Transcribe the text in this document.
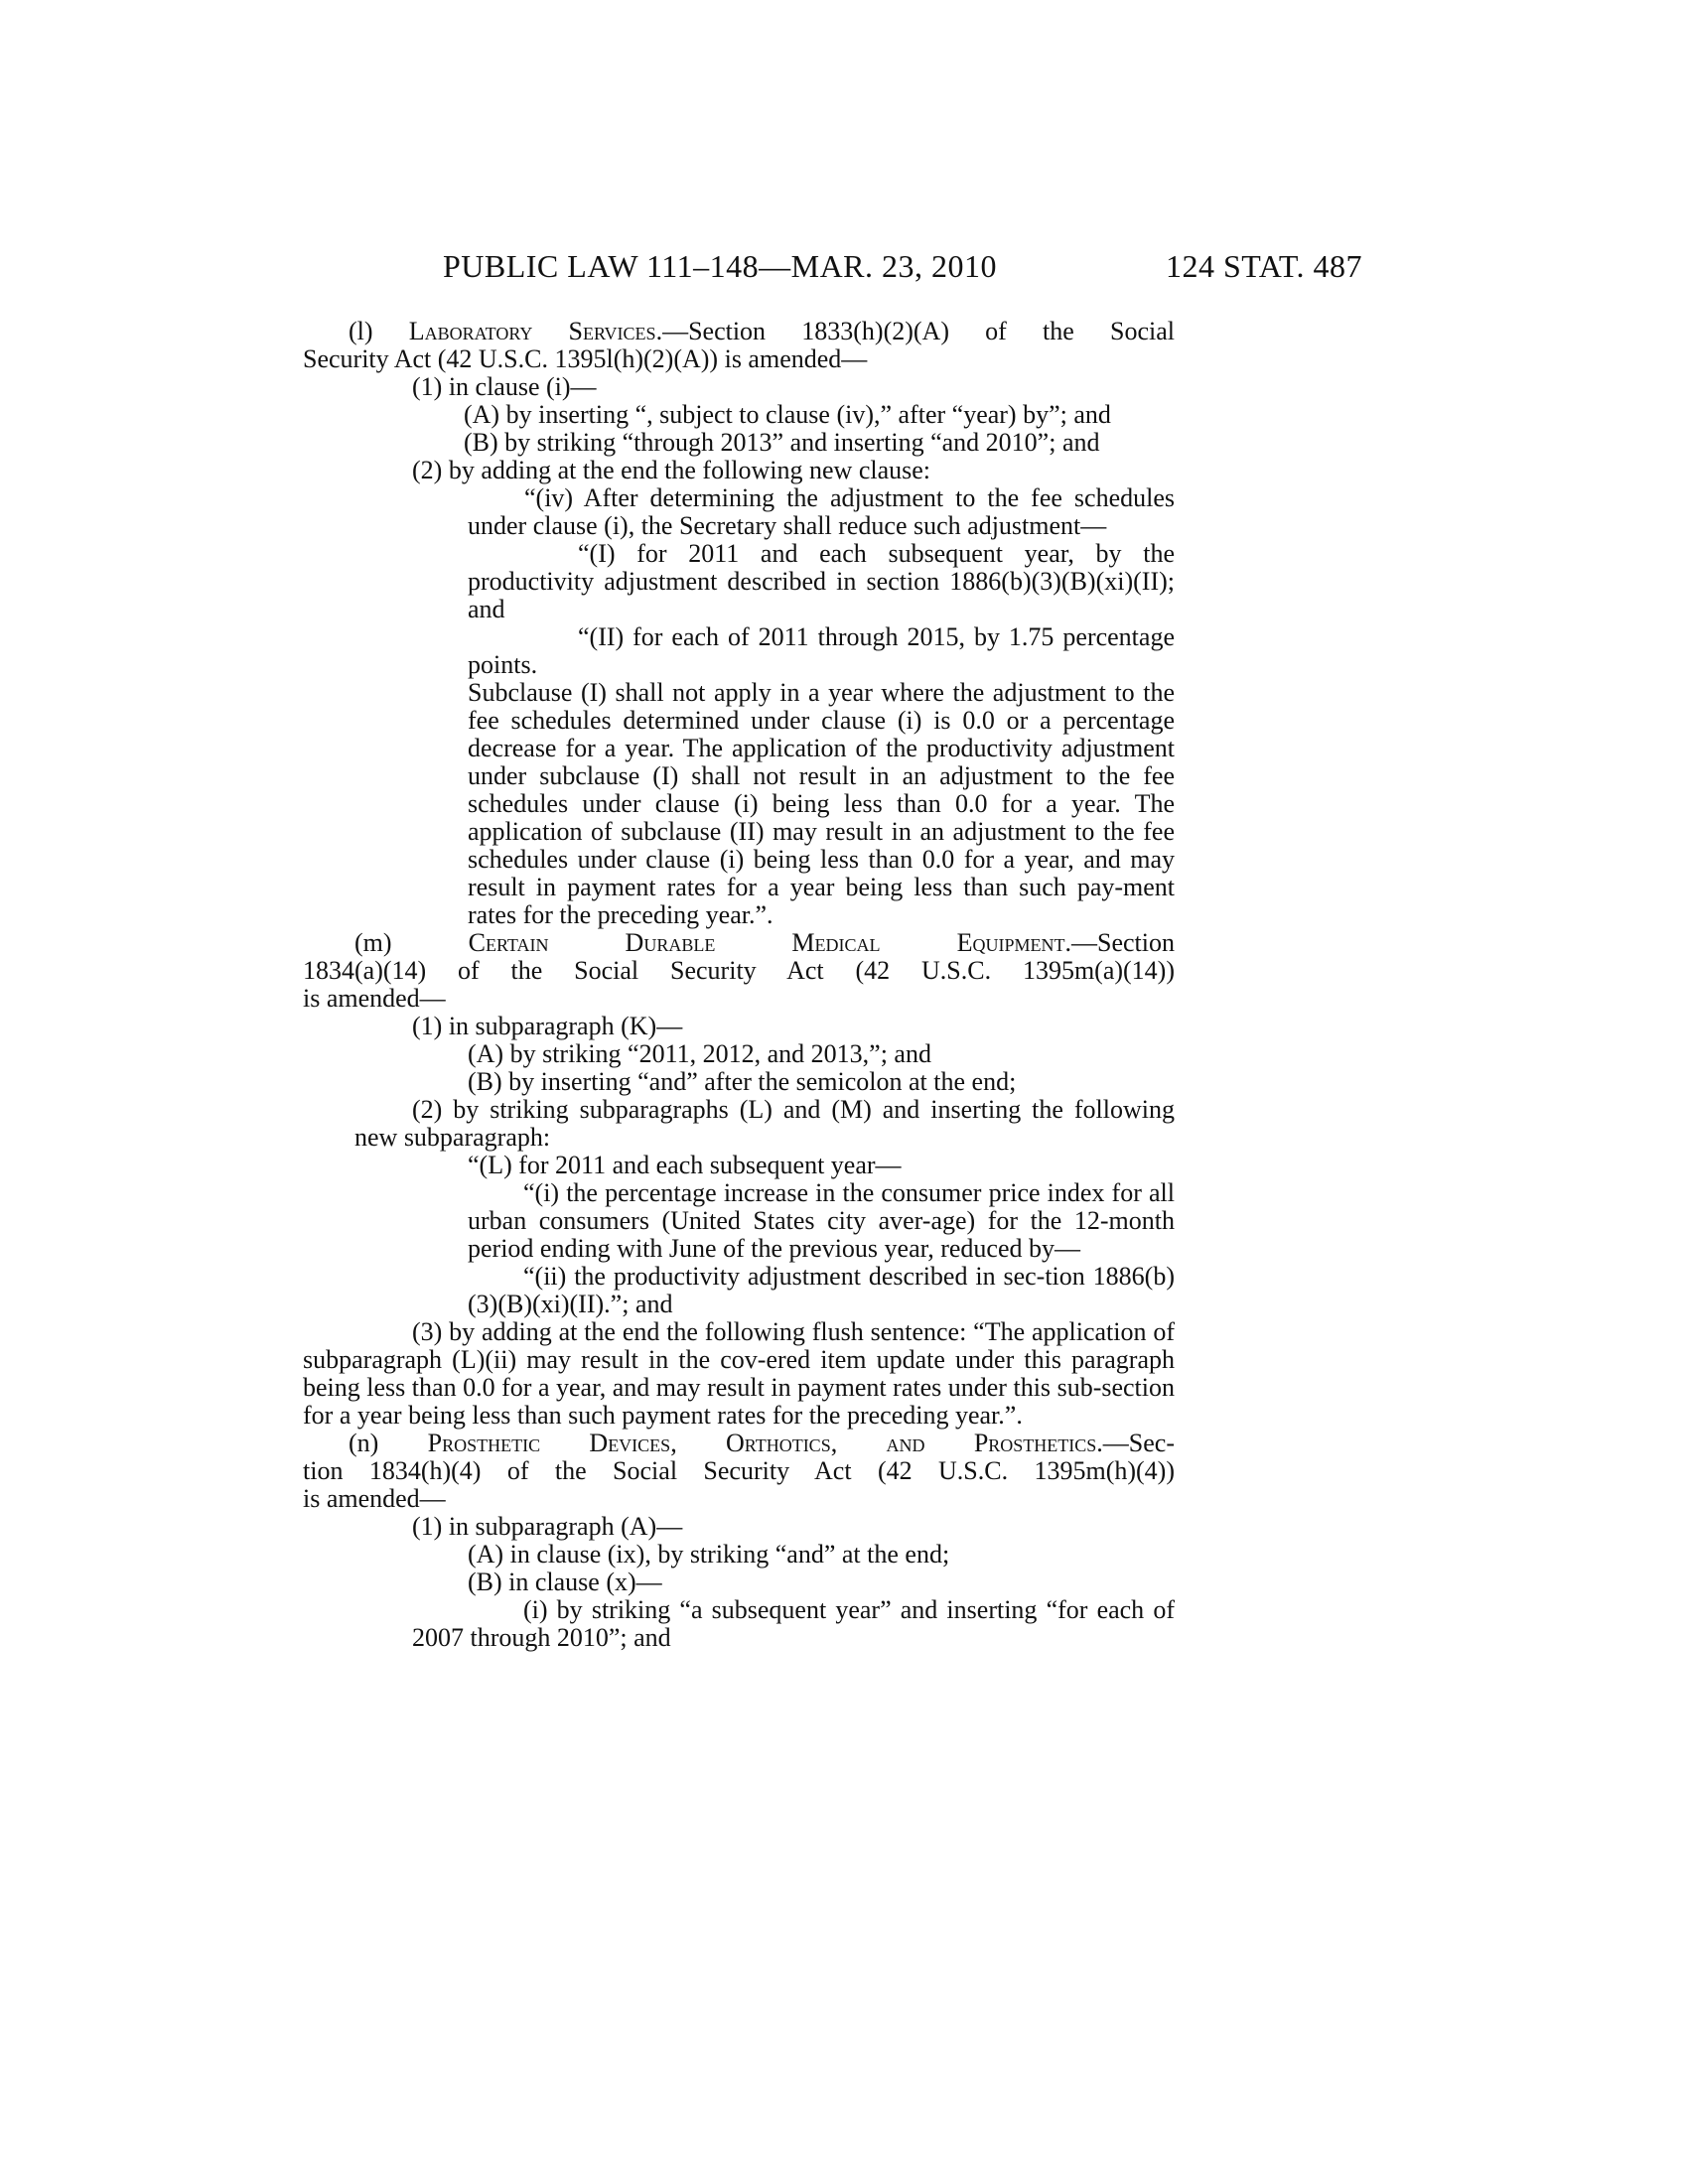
PUBLIC LAW 111–148—MAR. 23, 2010	124 STAT. 487

(l) Laboratory Services.—Section 1833(h)(2)(A) of the Social

Security Act (42 U.S.C. 1395l(h)(2)(A)) is amended—

(1) in clause (i)—

(A) by inserting “, subject to clause (iv),” after “year) by”; and

(B) by striking “through 2013” and inserting “and 2010”; and

(2) by adding at the end the following new clause:

“(iv) After determining the adjustment to the fee schedules under clause (i), the Secretary shall reduce such adjustment—

“(I) for 2011 and each subsequent year, by the productivity adjustment described in section 1886(b)(3)(B)(xi)(II); and

“(II) for each of 2011 through 2015, by 1.75 percentage points.

Subclause (I) shall not apply in a year where the adjustment to the fee schedules determined under clause (i) is 0.0 or a percentage decrease for a year. The application of the productivity adjustment under subclause (I) shall not result in an adjustment to the fee schedules under clause (i) being less than 0.0 for a year. The application of subclause (II) may result in an adjustment to the fee schedules under clause (i) being less than 0.0 for a year, and may result in payment rates for a year being less than such pay-ment rates for the preceding year.”.

(m) Certain Durable Medical Equipment.—Section

1834(a)(14) of the Social Security Act (42 U.S.C. 1395m(a)(14))

is amended—

(1) in subparagraph (K)—

(A) by striking “2011, 2012, and 2013,”; and

(B) by inserting “and” after the semicolon at the end;

(2) by striking subparagraphs (L) and (M) and inserting the following new subparagraph:

“(L) for 2011 and each subsequent year—

“(i) the percentage increase in the consumer price index for all urban consumers (United States city aver-age) for the 12-month period ending with June of the previous year, reduced by—

“(ii) the productivity adjustment described in sec-tion 1886(b)(3)(B)(xi)(II).”; and

(3) by adding at the end the following flush sentence: “The application of subparagraph (L)(ii) may result in the cov-ered item update under this paragraph being less than 0.0 for a year, and may result in payment rates under this sub-section for a year being less than such payment rates for the preceding year.”.

(n) Prosthetic Devices, Orthotics, and Prosthetics.—Sec-

tion 1834(h)(4) of the Social Security Act (42 U.S.C. 1395m(h)(4))

is amended—

(1) in subparagraph (A)—

(A) in clause (ix), by striking “and” at the end;

(B) in clause (x)—

(i) by striking “a subsequent year” and inserting “for each of 2007 through 2010”; and
